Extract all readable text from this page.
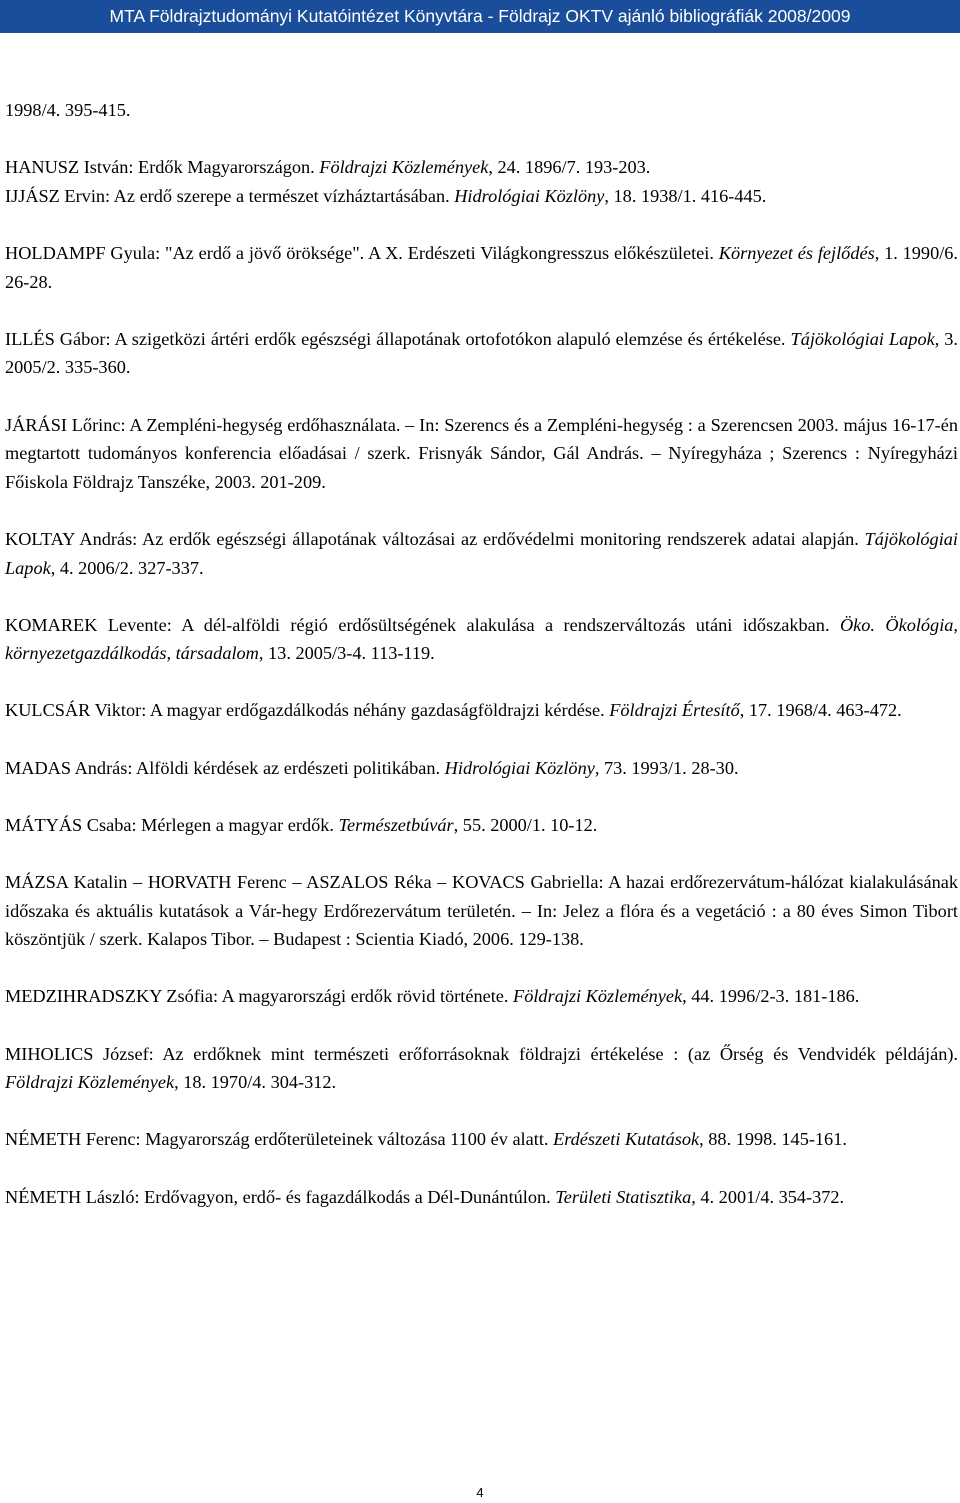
MTA Földrajztudományi Kutatóintézet Könyvtára - Földrajz OKTV ajánló bibliográfiák 2008/2009

1998/4. 395-415.

HANUSZ István: Erdők Magyarországon. Földrajzi Közlemények, 24. 1896/7. 193-203.

IJJÁSZ Ervin: Az erdő szerepe a természet vízháztartásában. Hidrológiai Közlöny, 18. 1938/1. 416-445.

HOLDAMPF Gyula: "Az erdő a jövő öröksége". A X. Erdészeti Világkongresszus előkészületei. Környezet és fejlődés, 1. 1990/6. 26-28.

ILLÉS Gábor: A szigetközi ártéri erdők egészségi állapotának ortofotókon alapuló elemzése és értékelése. Tájökológiai Lapok, 3. 2005/2. 335-360.

JÁRÁSI Lőrinc: A Zempléni-hegység erdőhasználata. – In: Szerencs és a Zempléni-hegység : a Szerencsen 2003. május 16-17-én megtartott tudományos konferencia előadásai / szerk. Frisnyák Sándor, Gál András. – Nyíregyháza ; Szerencs : Nyíregyházi Főiskola Földrajz Tanszéke, 2003. 201-209.

KOLTAY András: Az erdők egészségi állapotának változásai az erdővédelmi monitoring rendszerek adatai alapján. Tájökológiai Lapok, 4. 2006/2. 327-337.

KOMAREK Levente: A dél-alföldi régió erdősültségének alakulása a rendszerváltozás utáni időszakban. Öko. Ökológia, környezetgazdálkodás, társadalom, 13. 2005/3-4. 113-119.

KULCSÁR Viktor: A magyar erdőgazdálkodás néhány gazdaságföldrajzi kérdése. Földrajzi Értesítő, 17. 1968/4. 463-472.

MADAS András: Alföldi kérdések az erdészeti politikában. Hidrológiai Közlöny, 73. 1993/1. 28-30.

MÁTYÁS Csaba: Mérlegen a magyar erdők. Természetbúvár, 55. 2000/1. 10-12.

MÁZSA Katalin – HORVATH Ferenc – ASZALOS Réka – KOVACS Gabriella: A hazai erdőrezervátum-hálózat kialakulásának időszaka és aktuális kutatások a Vár-hegy Erdőrezervátum területén. – In: Jelez a flóra és a vegetáció : a 80 éves Simon Tibort köszöntjük / szerk. Kalapos Tibor. – Budapest : Scientia Kiadó, 2006. 129-138.

MEDZIHRADSZKY Zsófia: A magyarországi erdők rövid története. Földrajzi Közlemények, 44. 1996/2-3. 181-186.

MIHOLICS József: Az erdőknek mint természeti erőforrásoknak földrajzi értékelése : (az Őrség és Vendvidék példáján). Földrajzi Közlemények, 18. 1970/4. 304-312.

NÉMETH Ferenc: Magyarország erdőterületeinek változása 1100 év alatt. Erdészeti Kutatások, 88. 1998. 145-161.

NÉMETH László: Erdővagyon, erdő- és fagazdálkodás a Dél-Dunántúlon. Területi Statisztika, 4. 2001/4. 354-372.

4
